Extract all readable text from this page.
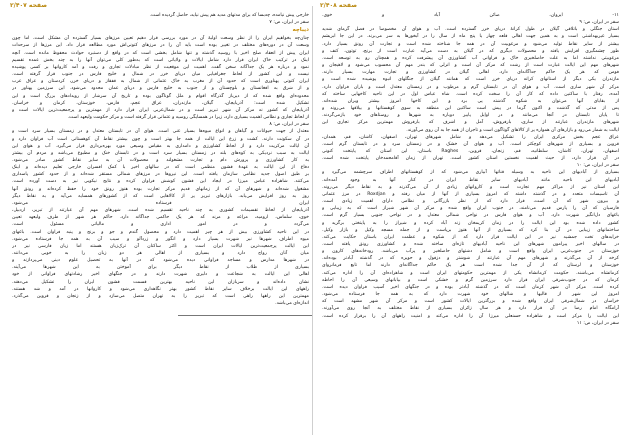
صفحه ۲/۴۰۷
خارجی پیش نیامده، چه‌بسا که برای مدتهای مدید هم پیش نیاید، حاصل گردیده است.
سفر در ایران، ص: ۷
دیباچه
چنان‌چه بخواهیم ایران را از نظر وسعت اولیهٔ آن در مورد بررسی قرار دهیم تعیین مرزهای بسیار گسترده آن مشکل است، اما چون
وسعت آن در دوره‌های مختلف در تغییر بوده است باید آن را در مرزهای کنونی‌اش مورد مطالعه قرار داد. این مرزها از سرحدات
ایران پیش از انعقاد صلح اخیر با روسیه گذشته و تنها شامل بخشی است که در واقع از دستبرد حوادث محفوظ مانده است. آنچه
اینک در ترکیب خاک ایران قرار دارد شامل ایالات و ولایاتی است که به‌طور کلی می‌توان آنها را به چند بخش عمده تقسیم
نمود و درباره هر یک جداگانه سخن گفت. اهمیت این موقعیت از نظر مبادلات تجاری و رفت و آمد کاروانها بر کسی پوشیده
نیست و این کشور از لحاظ جغرافیایی میان دریای خزر در شمال و خلیج فارس در جنوب قرار گرفته است.
ایران کنونی پهناوری است که حدود آن از مغرب به خاک عثمانی از شمال به قفقاز و دریای خزر، کردستان و عراق عرب
و از شرق به افغانستان و بلوچستان و از جنوب به خلیج فارس و دریای عمان محدود می‌شود. این سرزمین پهناور در
محدوده‌ای واقع شده که از دیرباز گذرگاه اقوام و ملل گوناگون بوده و تاریخ آن سرشار از رویدادهای بزرگ است و این
تشکیل شده است: آذربایجان، گیلان، مازندران، عراق عجم، فارس، خوزستان، کرمان و خراسان.
آذربایجان که کشور نه مرکز آن شهر تبریز است و در شمال‌غربی ایران قرار دارد از مهمترین و پرجمعیت‌ترین ایالات است و
از لحاظ تجاری و نظامی اهمیت بسیاری دارد، زیرا در همسایگی روسیه و عثمانی قرار گرفته است و مرکز حکومت ولیعهد است.
سفر در ایران، ص: ۸
معتدل از جهت حیوانات و گیاهان و انواع میوه‌ها بسیار غنی است. هوای آن در تابستان معتدل و در زمستان بسیار سرد است و
در آن سکونت دارند. کشت و زرع این ایالت از همه جا بهتر است و چون بیشتر نقاط آن کوهستانی است آب فراوان دارد و
آن ایالت مرکزیت دارد و از لحاظ کشاورزی و دامداری به مقیاس وسیعی مورد بهره‌برداری قرار می‌گیرد. آب و هوای این
ایالت به سبب نزدیکی به کوه‌های بلند در زمستان بسیار سرد است و در تابستان خنک و مطبوع می‌باشد و مردم آن بیشتر
به کار کشاورزی و پرورش دام و تجارت مشغولند و محصولات آن به سایر نقاط کشور صادر می‌شود.
دفاع از این ایالت به عهدهٔ قشون منظمی است که در سالهای اخیر با کمک افسران خارجی تعلیم دیده‌اند و اینک
بر طبق اصول جدید نظامی سازمان یافته است. این نیروها در مرزهای شمالی مستقر شده‌اند و از حدود کشور پاسداری
می‌کنند. شاهزاده عباس میرزا در ایجاد این قشون کوشش فراوان کرده و نتایج نیکویی نیز به دست آورده است.
مشغول شده‌اند و شهرهای آن که از زمانهای قدیم مرکز تجارت بوده هنوز رونق خود را حفظ کرده‌اند و رونق آنها
روز به روز افزایش می‌یابد. بازارهای تبریز پر از کالاهایی است که از کشورهای همسایه می‌آید و به نقاط دیگر
ایران فرستاده می‌شود.
آذربایجان از لحاظ تقسیمات کشوری به چند ناحیه تقسیم شده است. شهرهای مهم آن عبارتند از تبریز، اردبیل،
خوی، سلماس، ارومیه، مراغه و مرند که هر یک حاکمی جداگانه دارد. حاکم هر شهر از طرف ولیعهد تعیین
می‌گردد و در امور اداری و مالیاتی مسئول است.
در این ناحیه کشاورزی بیش از هر چیز اهمیت دارد و محصول گندم و جو و برنج و پنبه فراوان است. باغهای
میوه اطراف شهرها نیز شهرت بسیار دارد و انگور و زردآلو و سیب آن به همه جا فرستاده می‌شود.
این ایالت پرجمعیت‌ترین ایالات ایران است و اکثر ساکنان آن ترک‌زبان هستند اما زبان فارسی نیز در
میان آنان رواج دارد و بسیاری از اهالی هر دو زبان را به خوبی می‌دانند.
در شهرها مدارس و مساجد فراوانی دیده می‌شود که در آنها به تحصیل علوم دینی می‌پردازند و
بسیاری از طلاب از نقاط دیگر برای آموختن به این شهرها می‌آیند.
اهالی این ایالت به شجاعت و دلیری شهرت دارند و در جنگهای اخیر رشادتهای فراوانی از خود
نشان داده‌اند و سربازان این ناحیه بهترین قسمت قشون ایران را تشکیل می‌دهند.
راههای این ایالت برخلاف سایر نقاط کشور بهتر نگاهداری می‌شود و کاروانها در آمد و شد هستند.
مهمترین این راهها راهی است که تبریز را به تهران متصل می‌سازد و از زنجان و قزوین می‌گذرد.
اندازه‌ای می‌باشد.
صفحه ۲/۴۰۸
۱۱- ایروان، صائن آباد و خوی.
سفر در ایران، ص: ۹
استان جنگلی و باتلاقی گیلان در طول کرانهٔ دریای خزر گسترده است. آب و هوای آن مخصوصاً در فصل گرمای شدید
بسیار غیربهداشتی است و به همین جهت اهالی قلعه چهار یا پنج ماه از سال را در آبخورها به سر می‌برند. در این جا ابریشم
بیشتر از سایر نقاط تولید می‌شود و مرغوبیت آن در همه جا شناخته شده است و تجارت آن رونق بسیار دارد.
طور چشمگیری افزایش یافته و محصولات دیگری که در گیلان به دست می‌آید عبارت است از برنج، توتون، کنف و
مرغوبیتی نداشته اما به علت حاصلخیزی خاک و فراوانی آب کشاورزی آن پیشرفت کرده و همچنان رو به توسعه است.
شهرهای مهم این ایالت عبارت است از رشت که مرکز آن است و انزلی که بندر مهم آن محسوب می‌شود و لاهیجان و
فومن که هر یک حاکم جداگانه‌ای دارد. اهالی گیلان در کشاورزی و تجارت مهارت بسیار دارند.
مازندران یکی دیگر از استانهای کرانه دریای خزر است که همانند گیلان از جنگلهای انبوه پوشیده شده است و
مرکز آن شهر ساری است. آب و هوای آن در تابستان گرم و مرطوب و در زمستان معتدل است و باران فراوان دارد.
آمده، رفتار با ساکنین داده که کار آن را سخت کرده است. شاه عباس اول در این ناحیه کاخهایی ساخته که
از بقایای آنها می‌توان به شکوه گذشته پی برد و این کاخها امروز بیشتر ویران شده‌اند.
پس از مدتی که گذشت و اکنون گرما در پیش است ساکنین این منطقه به سوی کوهستانها و ییلاقها می‌روند و
تا پایان تابستان در آنجا می‌مانند و در اوایل پاییز دوباره به شهرها و روستاهای خود بازمی‌گردند.
شهرهای مازندران عبارتند از ساری، بارفروش، آمل و اشرف که بارفروش مهمترین مرکز تجاری این
ایالت به شمار می‌رود و بازارهای آن همواره پر از کالاهای گوناگون است و تاجران از همه جا به آن روی می‌آورند.
عراق عجم بخش مرکزی ایران را تشکیل می‌دهد و شامل شهرهای تهران، اصفهان، کاشان، قم، همدان،
قزوین و بسیاری از شهرهای کوچکتر است. آب و هوای آن خشک و در زمستان سرد و در تابستان گرم است.
اصفهان، تهران، کاشان، سلطانیه، قم، زنجان، قزوین، Raghes باستان، این استان که پایتخت کنونی
در آن قرار دارد، از حیث اهمیت نخستین استان کشور است. تهران از زمان آقامحمدخان پایتخت شده است.
سفر در ایران، ص: ۱۰
بسیاری از آبادیهای این ناحیه به وسیله قناتها آبیاری می‌شود که از کوهستانهای اطراف سرچشمه می‌گیرد و
آبادیهای این ناحیه مانند آبادیهای سایر نقاط ایران در کنار آنها به وجود آمده‌اند.
این استان نیز از مراکز مهم تجارت است و کاروانهای زیادی از آن می‌گذرند و به نقاط دیگر می‌روند.
آن تاسیسات متعدد و در گذشته داشته که امروز بسیاری از آنها از میان رفته و Roxdjan در مرز عثمانی
و بیرون شهر که آن است، قرار دارد که از نظر بازرگانی و نظامی دارای اهمیت زیادی است.
فارسیان که آن را پارس قدیم می‌نامند، در جنوب ایران واقع شده و مرکز آن شهر شیراز است که به زیبایی و
باغهای دل‌انگیز شهرت دارد. آب و هوای فارس در نواحی شمالی معتدل و در نواحی جنوبی بسیار گرم است.
کشور داده شده بود این ایالت را در زمان کریمخان زند آباد کرده و شیراز را به پایتختی برگزید و
ساختمانهای زیبایی در آن بنا کرد که بسیاری از آنها هنوز برپاست و از جمله مسجد وکیل و بازار وکیل.
خرابه‌های تخت جمشید نیز در این ایالت قرار دارد که از شکوه و عظمت ایران باستان حکایت می‌کند.
در سالهای اخیر پیرامون شهرهای این ناحیه آبادیهای تازه‌ای ساخته شده و کشاورزی رونق یافته است.
خوزستان در جنوب‌غربی ایران واقع است و شامل دشتهای حاصلخیز و پرآب می‌باشد. رودخانه‌های کارون و
کرخه از آن می‌گذرند و شهرهای مهم آن عبارتند از شوشتر و دزفول و حویزه که در گذشته آبادتر بوده‌اند.
خوزستان و لرستان که از آن جدا شده است هر یک حاکم جداگانه‌ای دارند اما تابع فرمانروای
کرمانشاه می‌باشند. حکومت کرمانشاه یکی از مهمترین حکومتهای ایران است و شاهزاده‌ای آن را اداره می‌کند.
کرمان که در جنوب‌شرقی ایران قرار دارد سرزمین گرم و خشکی است و بیابانهای وسیعی آن را احاطه
کرده است. مرکز آن شهر کرمان است که در گذشته آبادتر بوده و در جنگهای اخیر آسیب فراوان دیده است.
امروز این شهر از قالیها و شالهای خود شهرت دارد که به همه جا فرستاده می‌شود.
خراسان در شمال‌شرقی ایران واقع شده و بزرگترین ایالات کشور است و مرکز آن شهر مشهد است که
آرامگاه امام رضا در آن قرار دارد و هر سال زائران بسیاری از نقاط مختلف به آنجا روی می‌آورند.
این ایالت را مرکز است و شاهزاده حسنعلی میرزا آن را اداره می‌کند و امنیت راههای آن را برقرار کرده است.
سفر در ایران، ص: ۱۱
